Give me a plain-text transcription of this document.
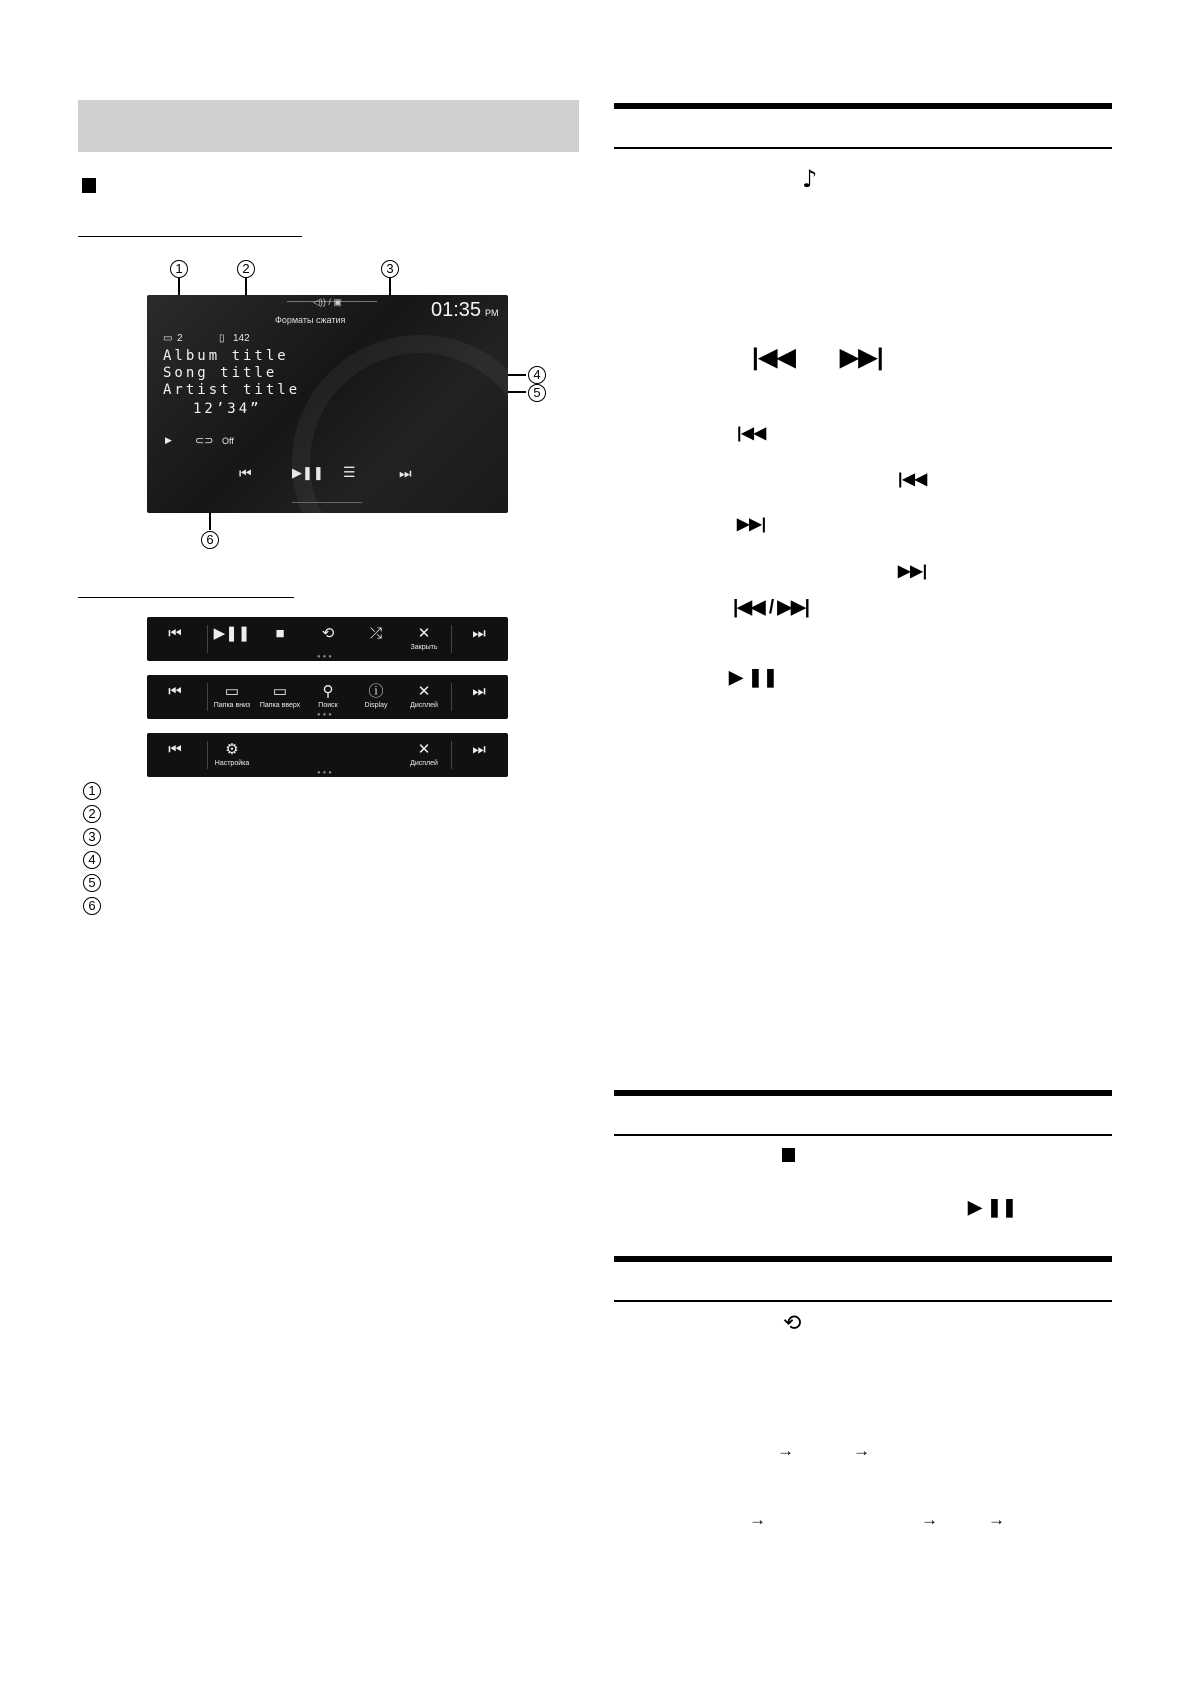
1	2	3
◁)) / ▣
Форматы сжатия	01:35 PM
▭ 2	▯ 142
Album title
Song title
Artist title
12’34”
▶ ⊂⊃ Off
⏮	▶❚❚ ☰	⏭
4
5
6
⏮	▶❚❚	■	⟲	⤮	✕
Закрыть
⏭
●●●
⏮	▭
Папка вниз
▭
Папка вверх
⚲
Поиск
ⓘ
Display
✕
Дисплей
⏭
●●●
⏮	⚙
Настройка
✕
Дисплей
⏭
●●●
1
2
3
4
5
6
♪
|◀◀ ▶▶|
|◀◀
|◀◀
▶▶|
▶▶|
|◀◀ / ▶▶|
▶ ❚❚
▶ ❚❚
⟲
→	→
→	→	→
